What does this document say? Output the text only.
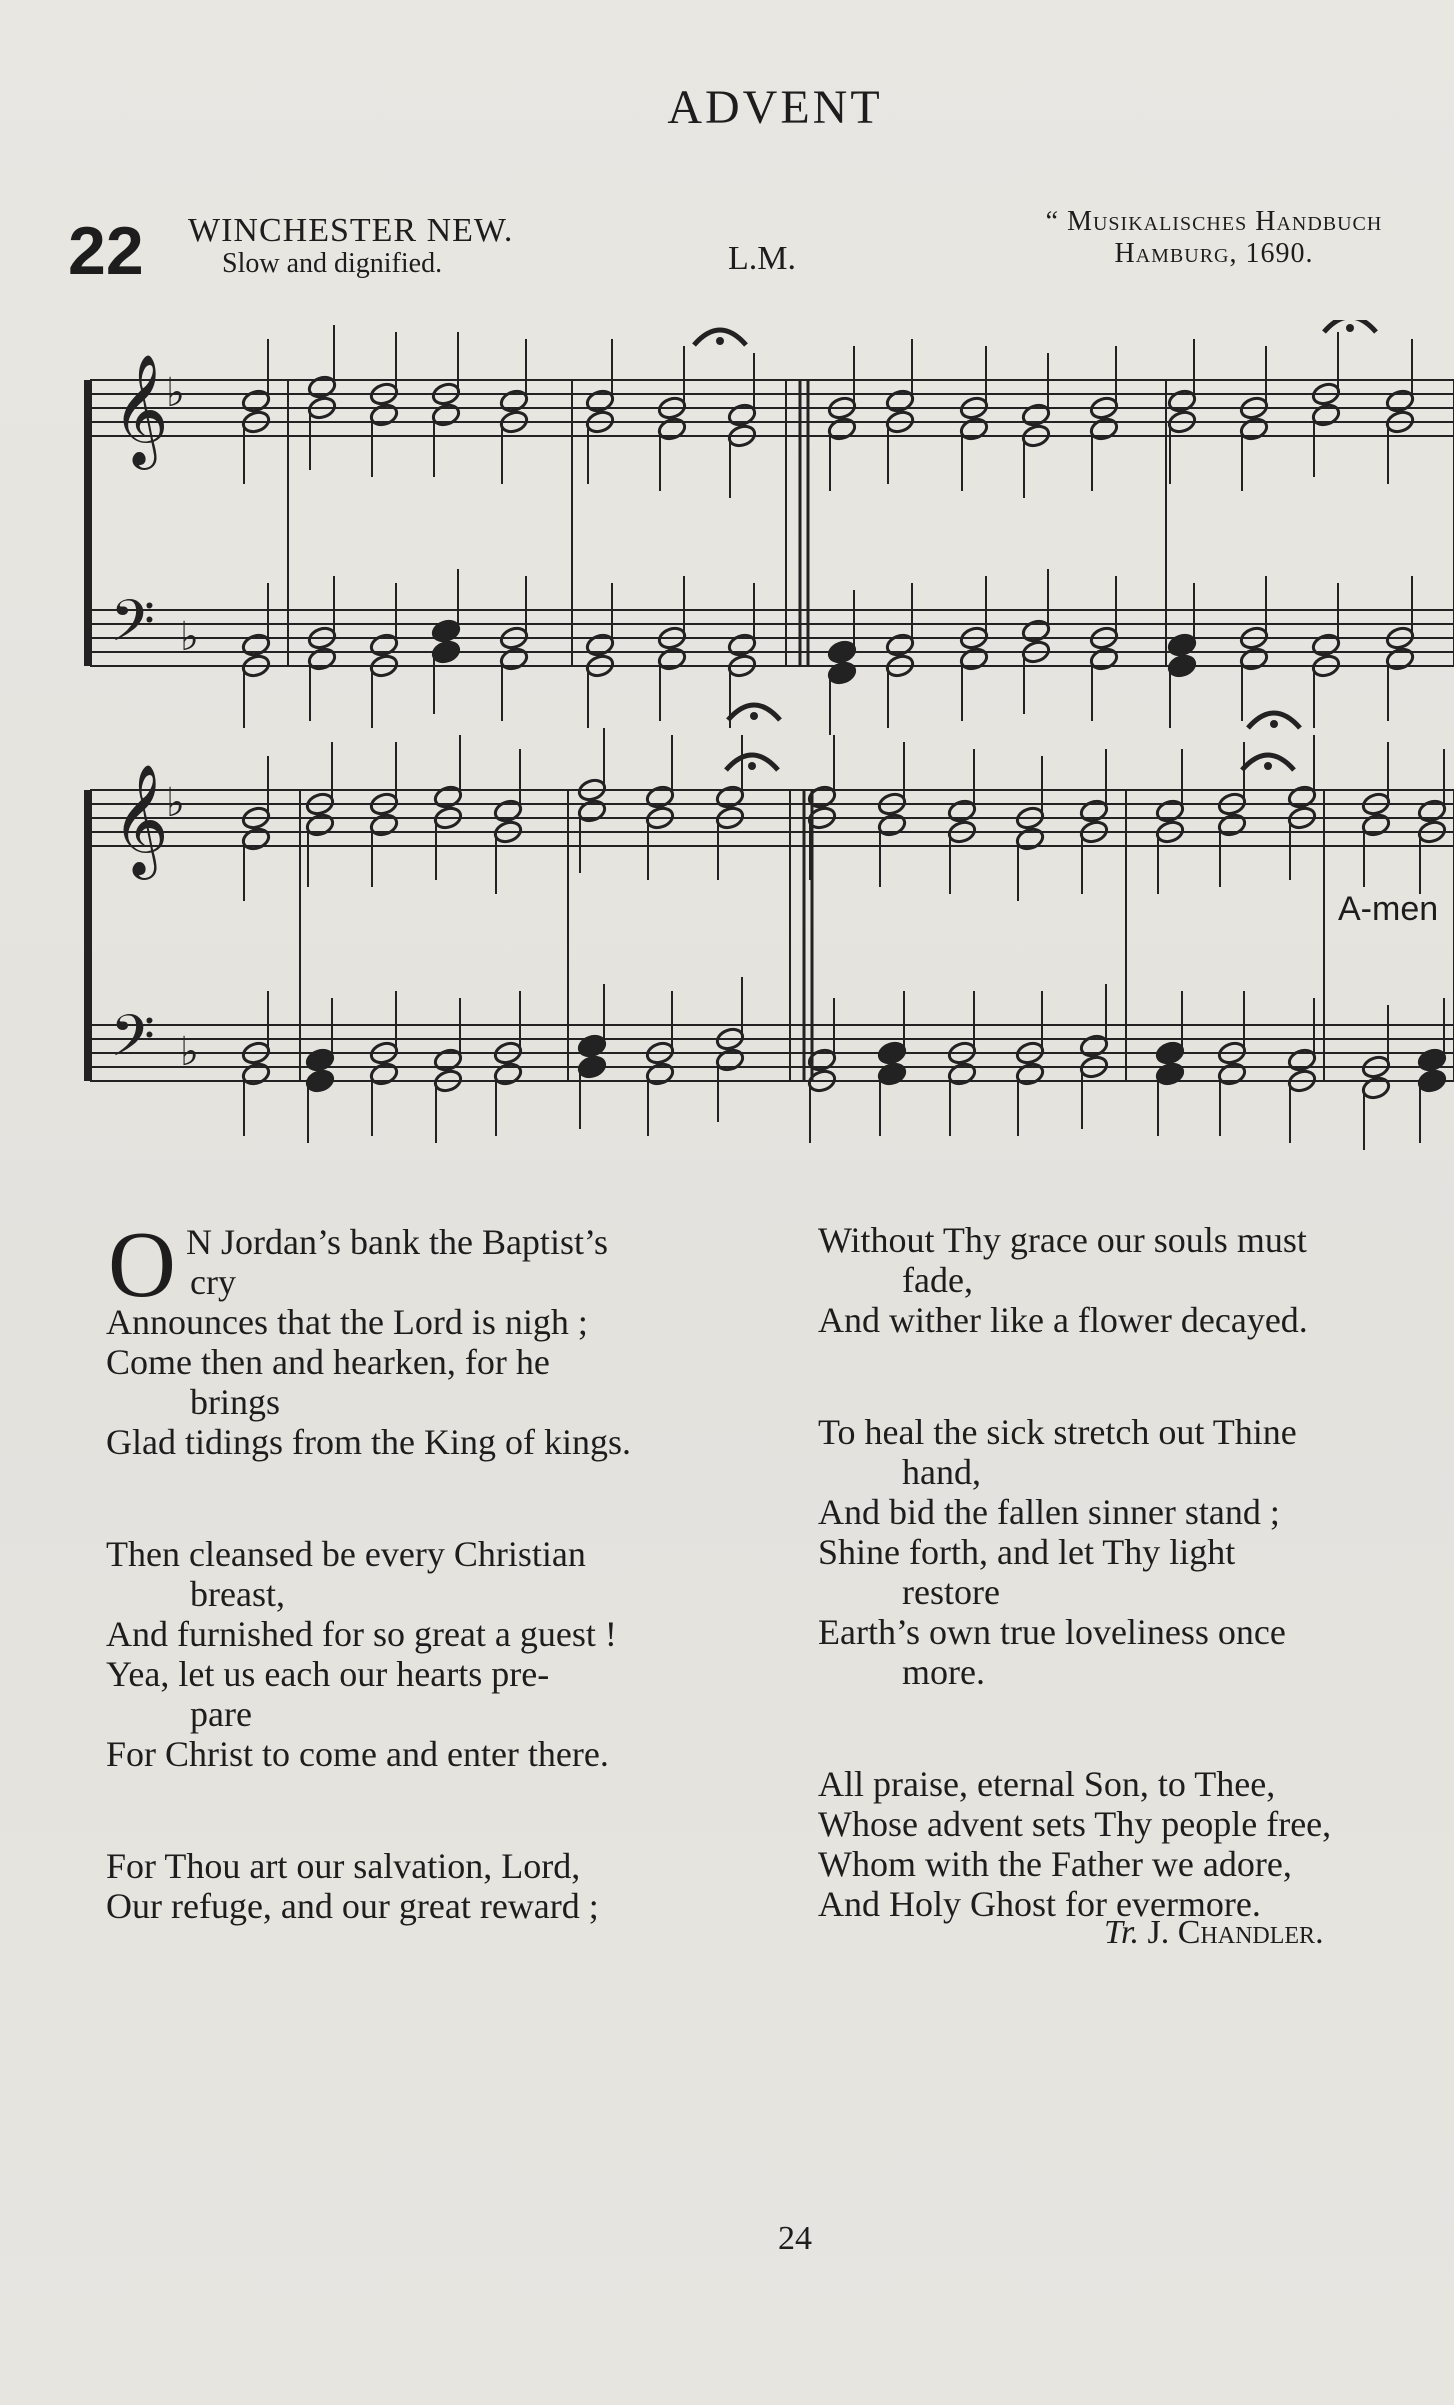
ADVENT
22 WINCHESTER NEW.
Slow and dignified.	L.M.
“ Musikalisches Handbuch
Hamburg, 1690.
𝄞
𝄢
♭
♭
𝄞
𝄢
♭
♭
A-men
O N Jordan’s bank the Baptist’s
cry
Announces that the Lord is nigh ;
Come then and hearken, for he
brings
Glad tidings from the King of kings.
Then cleansed be every Christian
breast,
And furnished for so great a guest !
Yea, let us each our hearts pre-
pare
For Christ to come and enter there.
For Thou art our salvation, Lord,
Our refuge, and our great reward ;
Without Thy grace our souls must
fade,
And wither like a flower decayed.
To heal the sick stretch out Thine
hand,
And bid the fallen sinner stand ;
Shine forth, and let Thy light
restore
Earth’s own true loveliness once
more.
All praise, eternal Son, to Thee,
Whose advent sets Thy people free,
Whom with the Father we adore,
And Holy Ghost for evermore.
Tr. J. Chandler.
24
